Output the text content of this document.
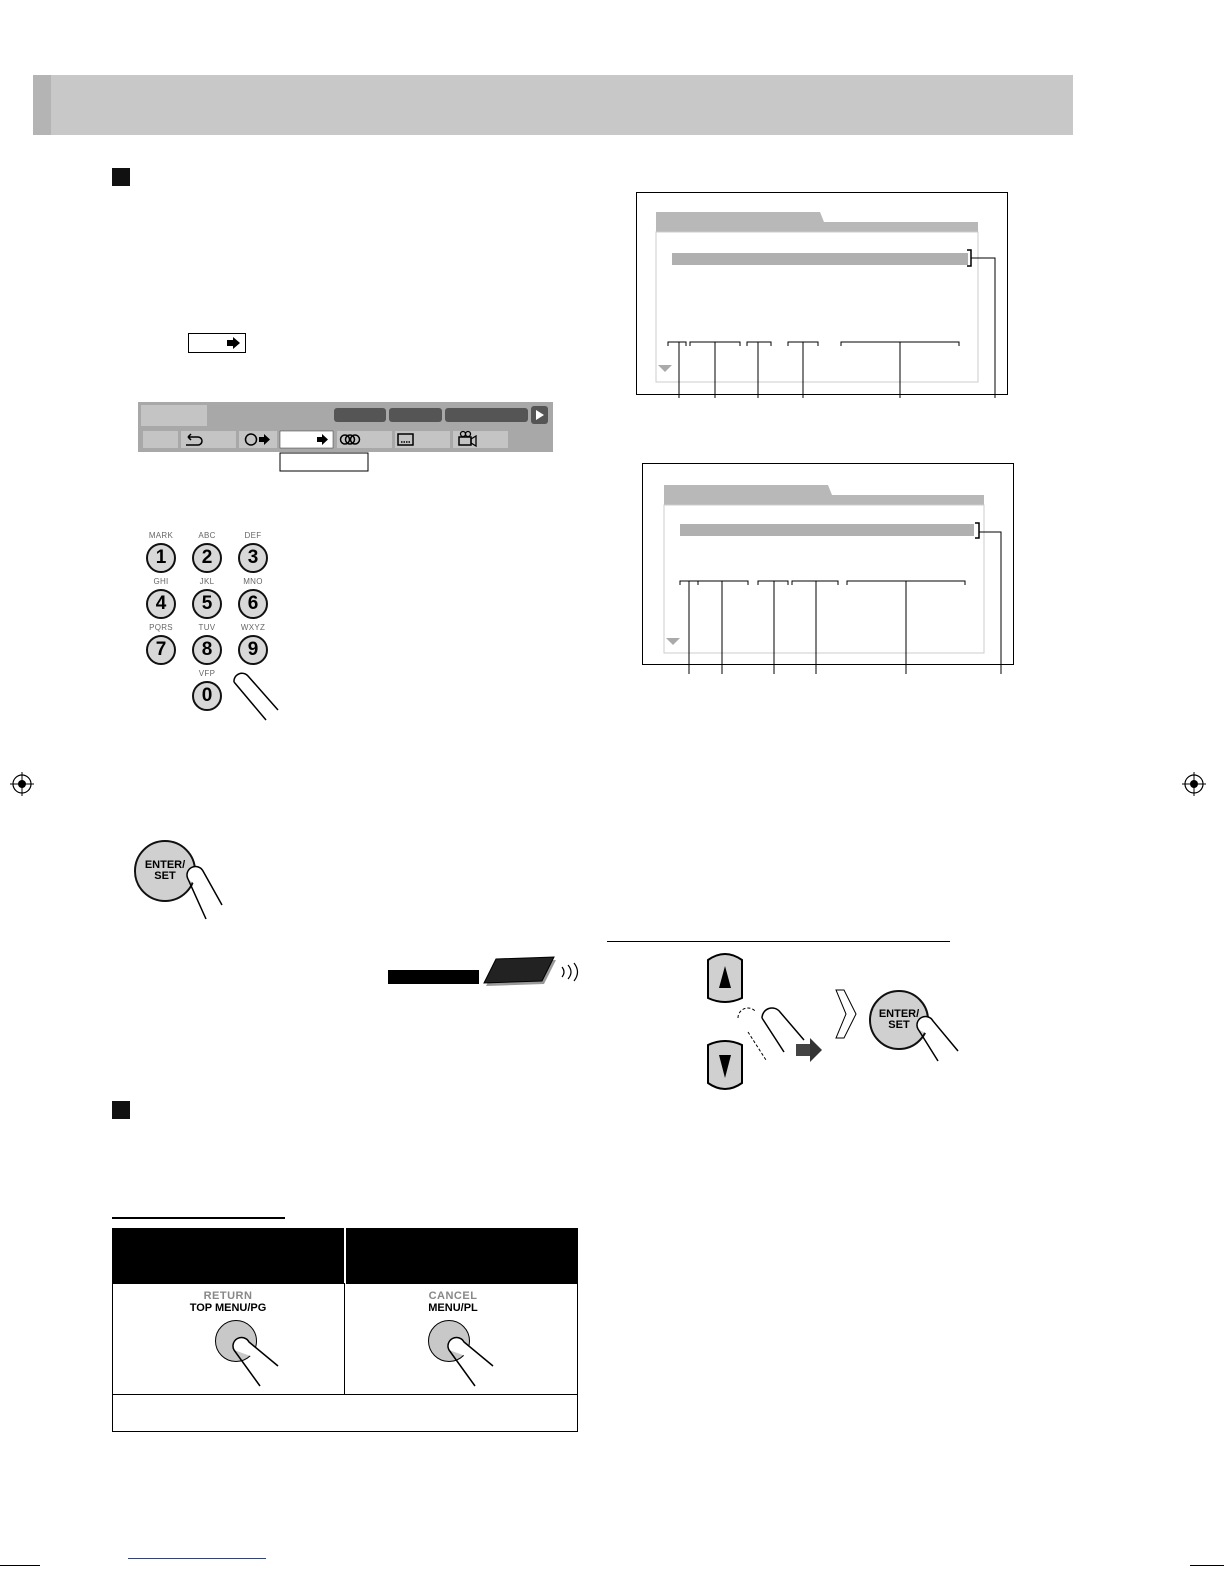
MARK	ABC	DEF
1	2	3
GHI	JKL	MNO
4	5	6
PQRS	TUV	WXYZ
7	8	9
VFP
0
ENTER/
SET
ENTER/
SET
RETURN
TOP MENU/PG
CANCEL
MENU/PL
